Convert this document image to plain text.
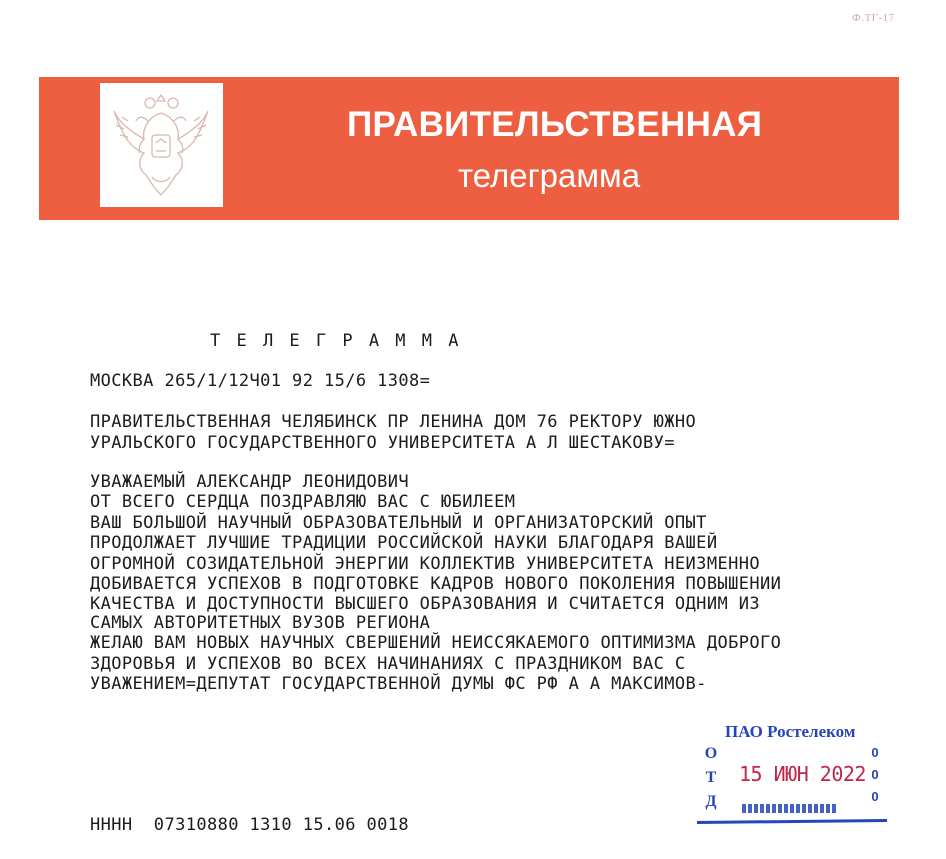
Ф.ТГ-17
ПРАВИТЕЛЬСТВЕННАЯ
телеграмма
Т Е Л Е Г Р А М М А
МОСКВА 265/1/12Ч01 92 15/6 1308=
ПРАВИТЕЛЬСТВЕННАЯ ЧЕЛЯБИНСК ПР ЛЕНИНА ДОМ 76 РЕКТОРУ ЮЖНО
УРАЛЬСКОГО ГОСУДАРСТВЕННОГО УНИВЕРСИТЕТА А Л ШЕСТАКОВУ=
УВАЖАЕМЫЙ АЛЕКСАНДР ЛЕОНИДОВИЧ
ОТ ВСЕГО СЕРДЦА ПОЗДРАВЛЯЮ ВАС С ЮБИЛЕЕМ
ВАШ БОЛЬШОЙ НАУЧНЫЙ ОБРАЗОВАТЕЛЬНЫЙ И ОРГАНИЗАТОРСКИЙ ОПЫТ
ПРОДОЛЖАЕТ ЛУЧШИЕ ТРАДИЦИИ РОССИЙСКОЙ НАУКИ БЛАГОДАРЯ ВАШЕЙ
ОГРОМНОЙ СОЗИДАТЕЛЬНОЙ ЭНЕРГИИ КОЛЛЕКТИВ УНИВЕРСИТЕТА НЕИЗМЕННО
ДОБИВАЕТСЯ УСПЕХОВ В ПОДГОТОВКЕ КАДРОВ НОВОГО ПОКОЛЕНИЯ ПОВЫШЕНИИ
КАЧЕСТВА И ДОСТУПНОСТИ ВЫСШЕГО ОБРАЗОВАНИЯ И СЧИТАЕТСЯ ОДНИМ ИЗ
САМЫХ АВТОРИТЕТНЫХ ВУЗОВ РЕГИОНА
ЖЕЛАЮ ВАМ НОВЫХ НАУЧНЫХ СВЕРШЕНИЙ НЕИССЯКАЕМОГО ОПТИМИЗМА ДОБРОГО
ЗДОРОВЬЯ И УСПЕХОВ ВО ВСЕХ НАЧИНАНИЯХ С ПРАЗДНИКОМ ВАС С
УВАЖЕНИЕМ=ДЕПУТАТ ГОСУДАРСТВЕННОЙ ДУМЫ ФС РФ А А МАКСИМОВ-
ПАО Ростелеком
О
Т
Д
15 ИЮН 2022
0
0
0
НННН  07310880 1310 15.06 0018
